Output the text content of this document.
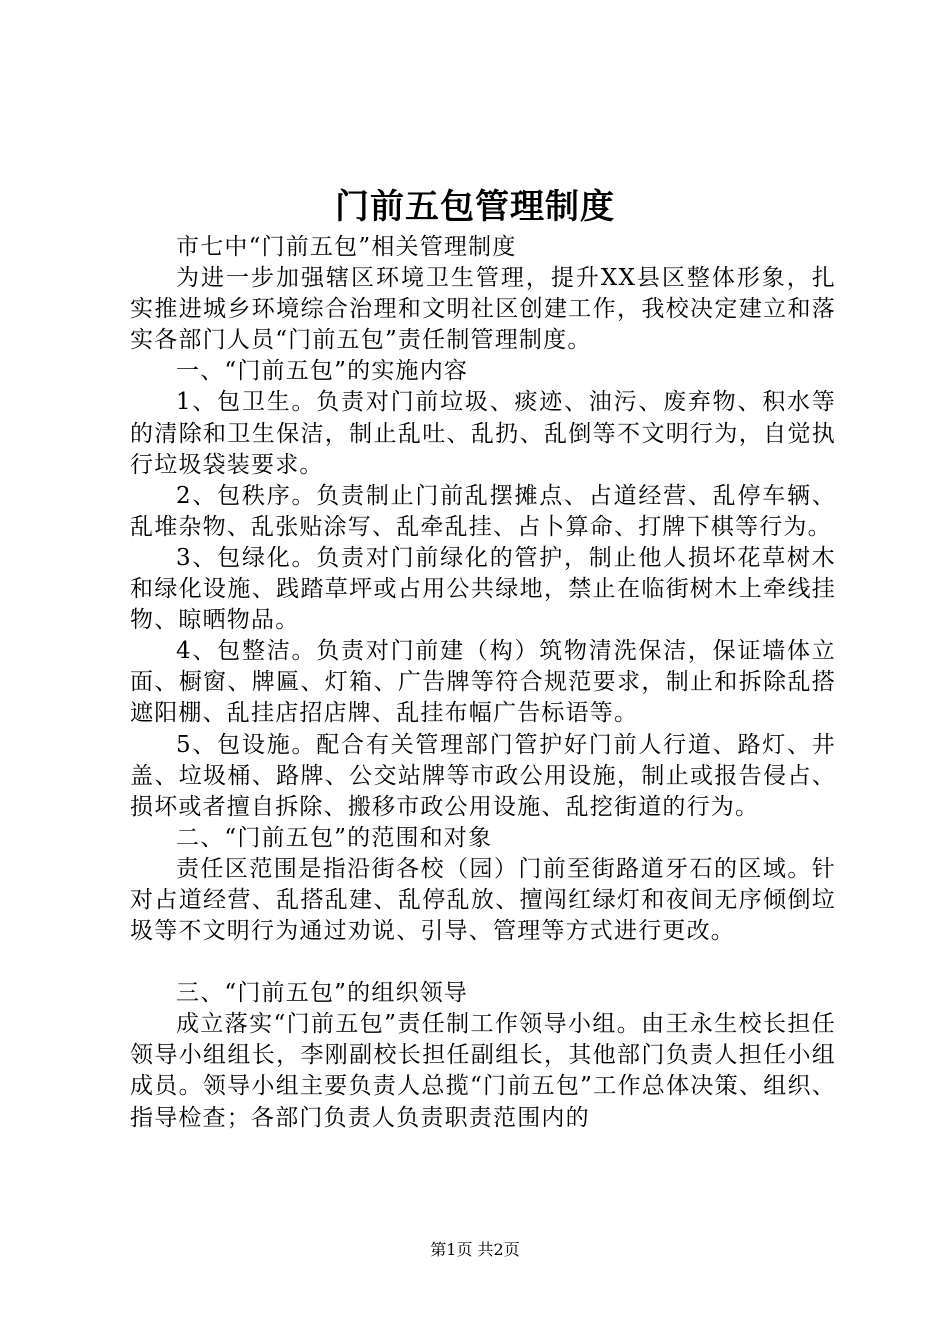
门前五包管理制度

市七中“门前五包”相关管理制度

为进一步加强辖区环境卫生管理，提升XX县区整体形象，扎实推进城乡环境综合治理和文明社区创建工作，我校决定建立和落实各部门人员“门前五包”责任制管理制度。

一、“门前五包”的实施内容

1、包卫生。负责对门前垃圾、痰迹、油污、废弃物、积水等的清除和卫生保洁，制止乱吐、乱扔、乱倒等不文明行为，自觉执行垃圾袋装要求。

2、包秩序。负责制止门前乱摆摊点、占道经营、乱停车辆、乱堆杂物、乱张贴涂写、乱牵乱挂、占卜算命、打牌下棋等行为。

3、包绿化。负责对门前绿化的管护，制止他人损坏花草树木和绿化设施、践踏草坪或占用公共绿地，禁止在临街树木上牵线挂物、晾晒物品。

4、包整洁。负责对门前建（构）筑物清洗保洁，保证墙体立面、橱窗、牌匾、灯箱、广告牌等符合规范要求，制止和拆除乱搭遮阳棚、乱挂店招店牌、乱挂布幅广告标语等。

5、包设施。配合有关管理部门管护好门前人行道、路灯、井盖、垃圾桶、路牌、公交站牌等市政公用设施，制止或报告侵占、损坏或者擅自拆除、搬移市政公用设施、乱挖街道的行为。

二、“门前五包”的范围和对象

责任区范围是指沿街各校（园）门前至街路道牙石的区域。针对占道经营、乱搭乱建、乱停乱放、擅闯红绿灯和夜间无序倾倒垃圾等不文明行为通过劝说、引导、管理等方式进行更改。

三、“门前五包”的组织领导

成立落实“门前五包”责任制工作领导小组。由王永生校长担任领导小组组长，李刚副校长担任副组长，其他部门负责人担任小组成员。领导小组主要负责人总揽“门前五包”工作总体决策、组织、指导检查；各部门负责人负责职责范围内的

第1页 共2页
